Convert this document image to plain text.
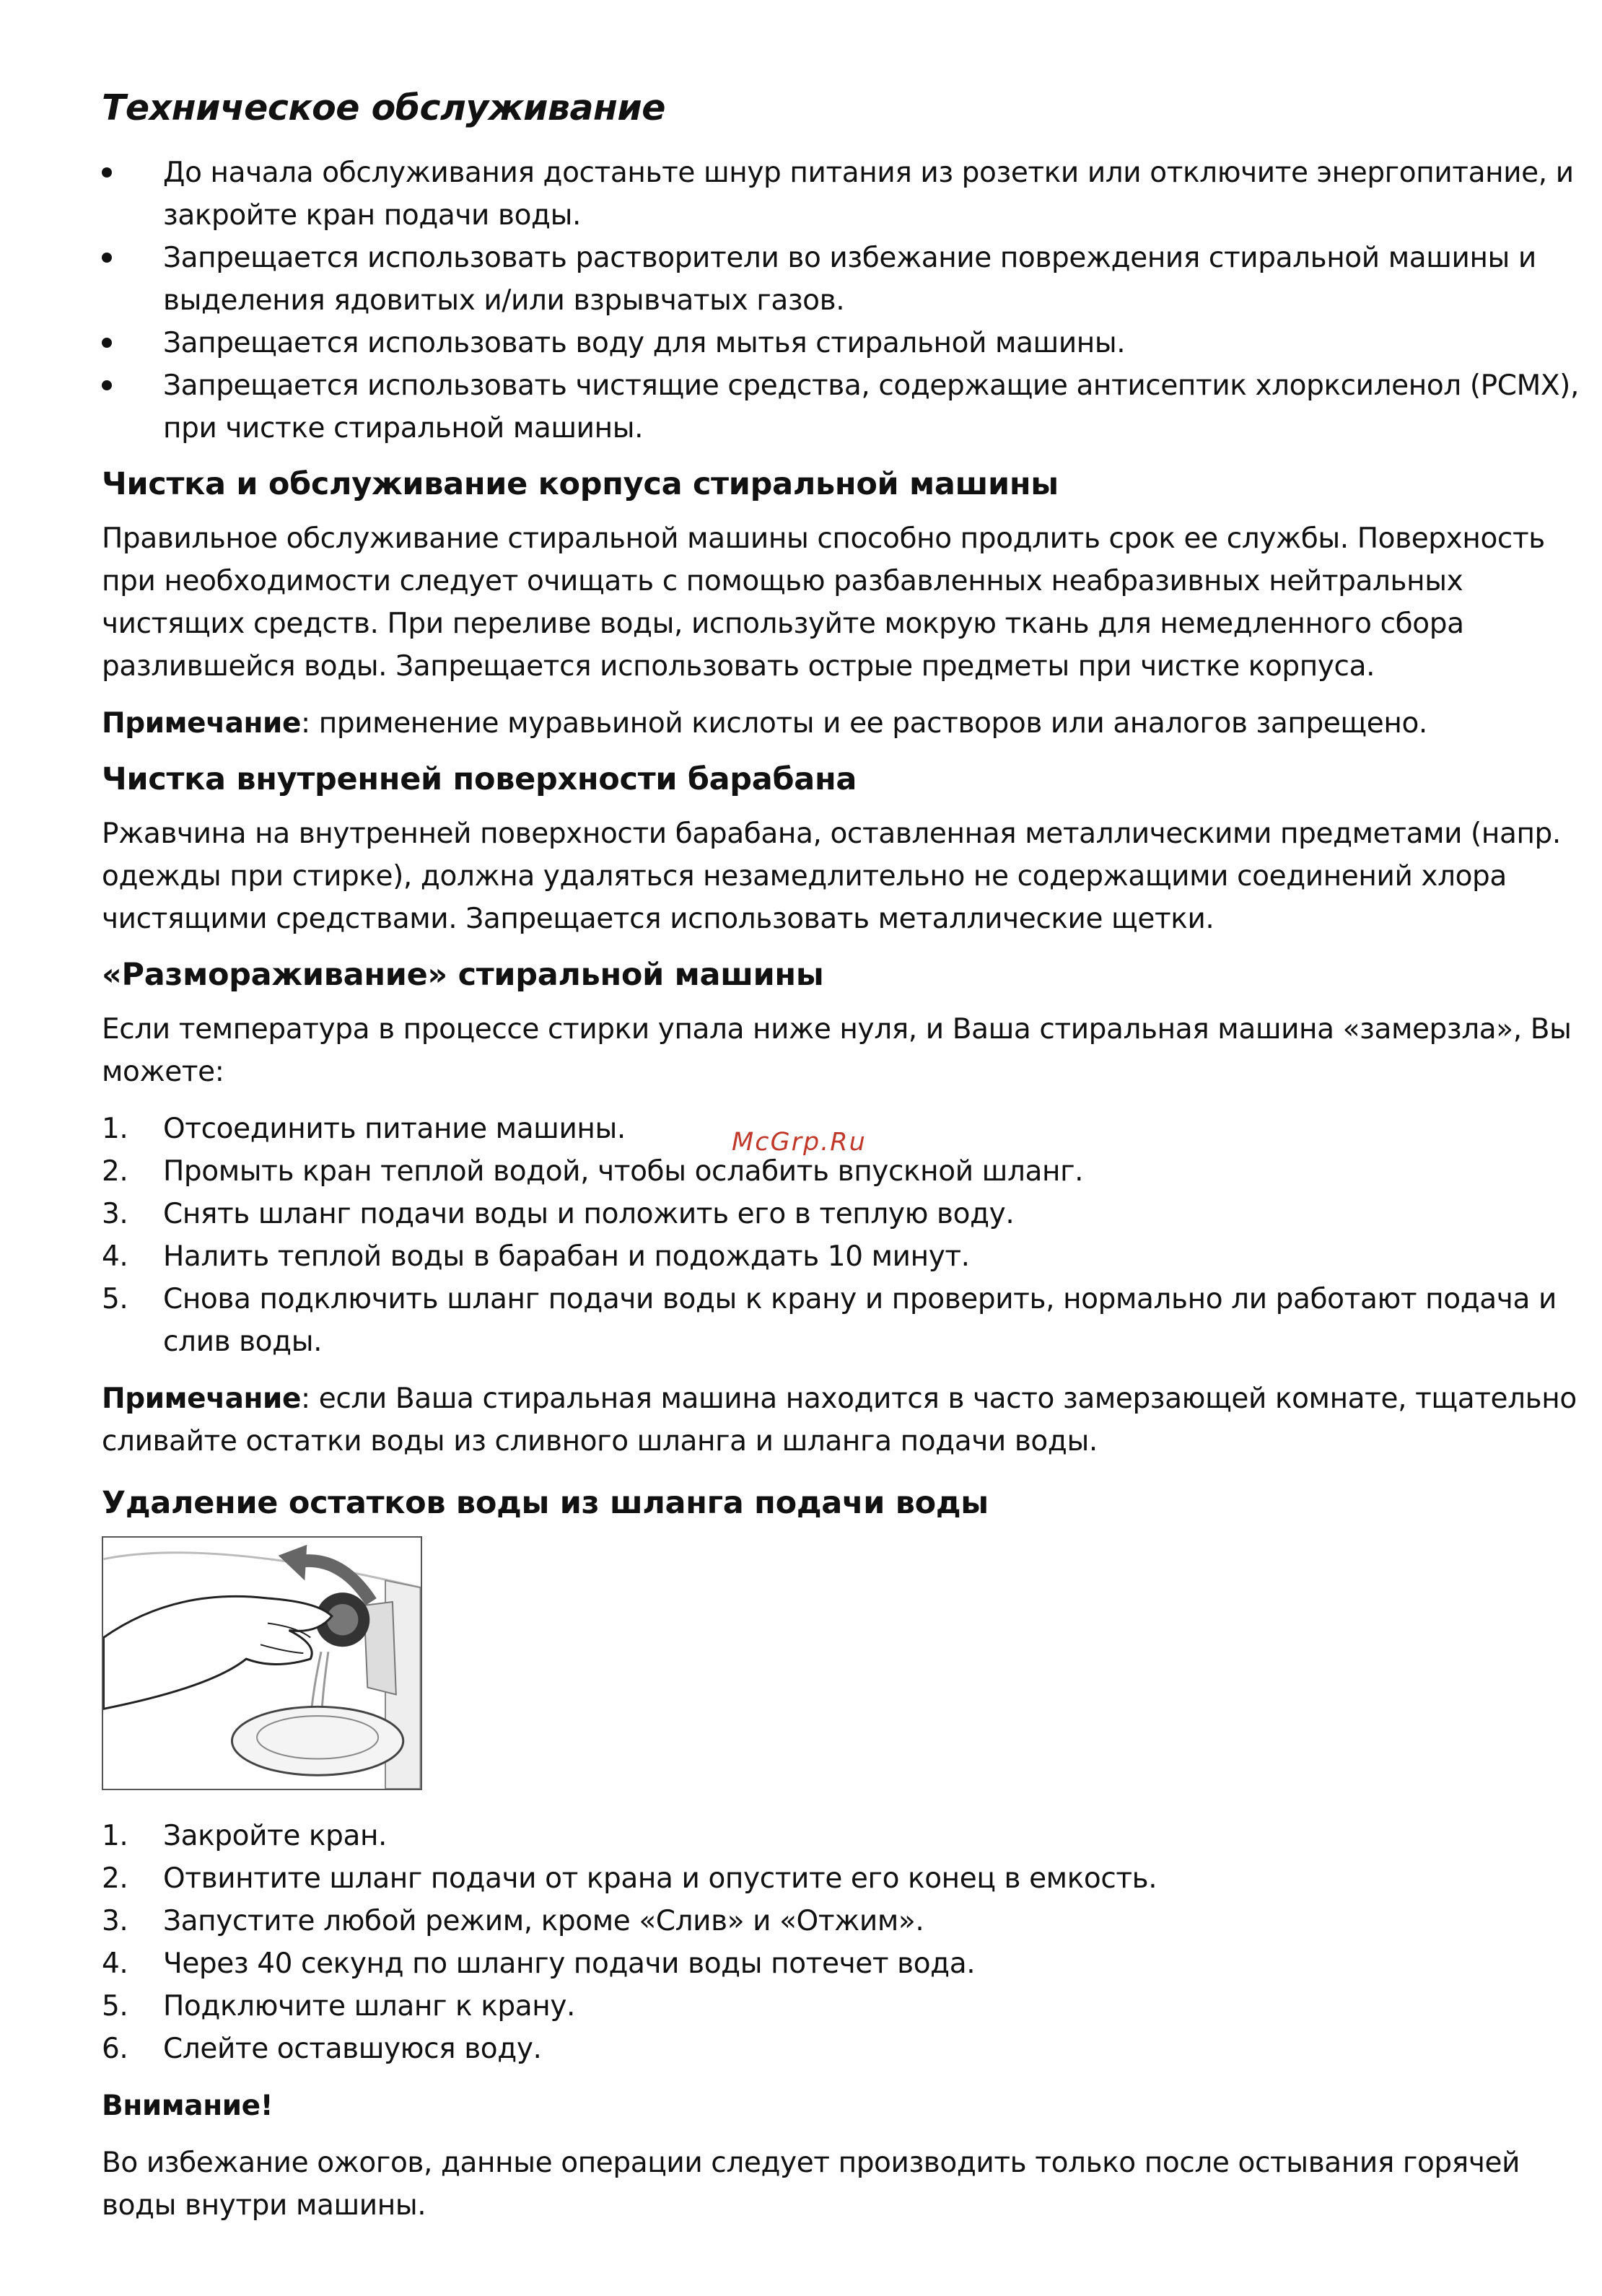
Техническое обслуживание
До начала обслуживания достаньте шнур питания из розетки или отключите энергопитание, и закройте кран подачи воды.
Запрещается использовать растворители во избежание повреждения стиральной машины и выделения ядовитых и/или взрывчатых газов.
Запрещается использовать воду для мытья стиральной машины.
Запрещается использовать чистящие средства, содержащие антисептик хлорксиленол (PCMX), при чистке стиральной машины.
Чистка и обслуживание корпуса стиральной машины

Правильное обслуживание стиральной машины способно продлить срок ее службы. Поверхность при необходимости следует очищать с помощью разбавленных неабразивных нейтральных чистящих средств. При переливе воды, используйте мокрую ткань для немедленного сбора разлившейся воды. Запрещается использовать острые предметы при чистке корпуса.

Примечание: применение муравьиной кислоты и ее растворов или аналогов запрещено.

Чистка внутренней поверхности барабана

Ржавчина на внутренней поверхности барабана, оставленная металлическими предметами (напр. одежды при стирке), должна удаляться незамедлительно не содержащими соединений хлора чистящими средствами. Запрещается использовать металлические щетки.

«Размораживание» стиральной машины

Если температура в процессе стирки упала ниже нуля, и Ваша стиральная машина «замерзла», Вы можете:

1. Отсоединить питание машины.
2. Промыть кран теплой водой, чтобы ослабить впускной шланг.
3. Снять шланг подачи воды и положить его в теплую воду.
4. Налить теплой воды в барабан и подождать 10 минут.
5. Снова подключить шланг подачи воды к крану и проверить, нормально ли работают подача и слив воды.

Примечание: если Ваша стиральная машина находится в часто замерзающей комнате, тщательно сливайте остатки воды из сливного шланга и шланга подачи воды.

Удаление остатков воды из шланга подачи воды
1. Закройте кран.
2. Отвинтите шланг подачи от крана и опустите его конец в емкость.
3. Запустите любой режим, кроме «Слив» и «Отжим».
4. Через 40 секунд по шлангу подачи воды потечет вода.
5. Подключите шланг к крану.
6. Слейте оставшуюся воду.

Внимание!

Во избежание ожогов, данные операции следует производить только после остывания горячей воды внутри машины.

McGrp.Ru
